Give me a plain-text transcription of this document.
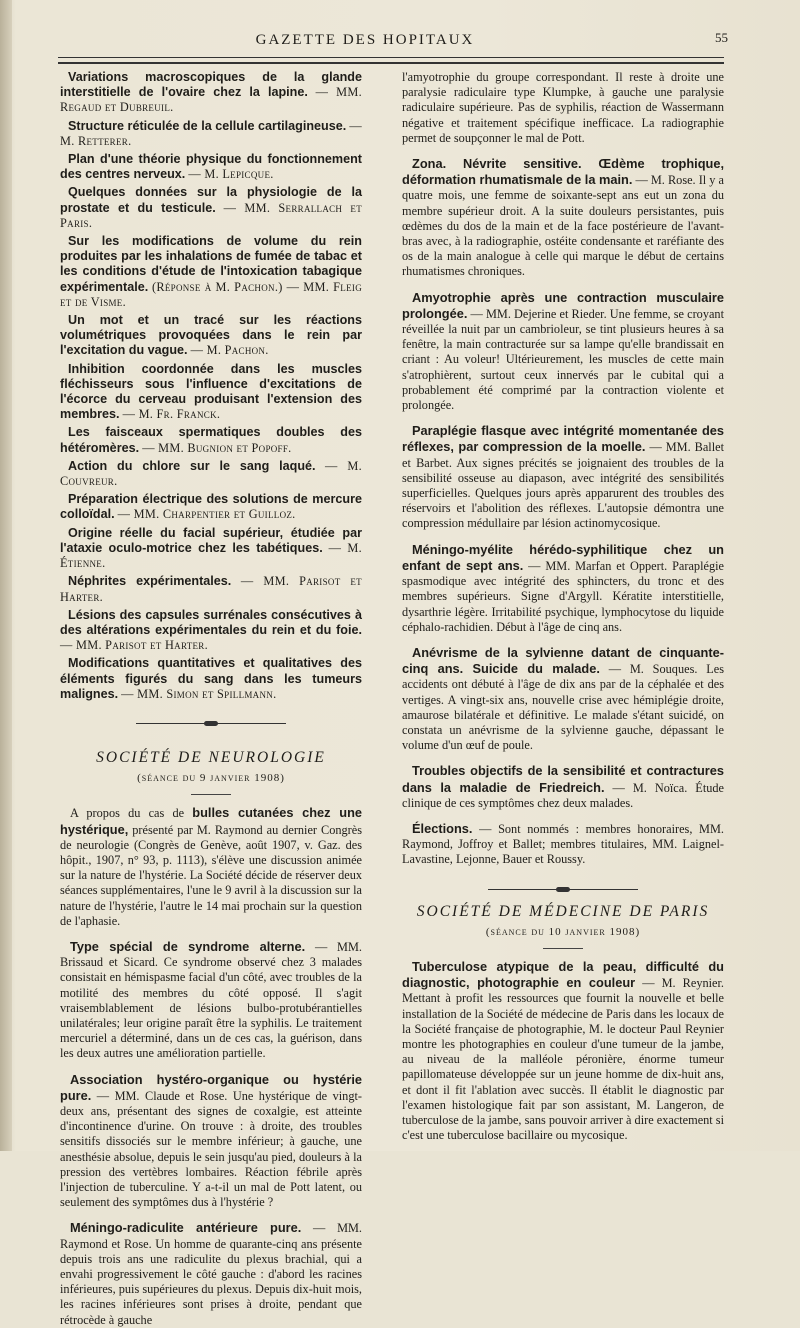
GAZETTE DES HOPITAUX	55

Variations macroscopiques de la glande interstitielle de l'ovaire chez la lapine. — MM. Regaud et Dubreuil.

Structure réticulée de la cellule cartilagineuse. — M. Retterer.

Plan d'une théorie physique du fonctionnement des centres nerveux. — M. Lepicque.

Quelques données sur la physiologie de la prostate et du testicule. — MM. Serrallach et Paris.

Sur les modifications de volume du rein produites par les inhalations de fumée de tabac et les conditions d'étude de l'intoxication tabagique expérimentale. (Réponse à M. Pachon.) — MM. Fleig et de Visme.

Un mot et un tracé sur les réactions volumétriques provoquées dans le rein par l'excitation du vague. — M. Pachon.

Inhibition coordonnée dans les muscles fléchisseurs sous l'influence d'excitations de l'écorce du cerveau produisant l'extension des membres. — M. Fr. Franck.

Les faisceaux spermatiques doubles des hétéromères. — MM. Bugnion et Popoff.

Action du chlore sur le sang laqué. — M. Couvreur.

Préparation électrique des solutions de mercure colloïdal. — MM. Charpentier et Guilloz.

Origine réelle du facial supérieur, étudiée par l'ataxie oculo-motrice chez les tabétiques. — M. Étienne.

Néphrites expérimentales. — MM. Parisot et Harter.

Lésions des capsules surrénales consécutives à des altérations expérimentales du rein et du foie. — MM. Parisot et Harter.

Modifications quantitatives et qualitatives des éléments figurés du sang dans les tumeurs malignes. — MM. Simon et Spillmann.

SOCIÉTÉ DE NEUROLOGIE
(séance du 9 janvier 1908)

A propos du cas de bulles cutanées chez une hystérique, présenté par M. Raymond au dernier Congrès de neurologie (Congrès de Genève, août 1907, v. Gaz. des hôpit., 1907, n° 93, p. 1113), s'élève une discussion animée sur la nature de l'hystérie. La Société décide de réserver deux séances supplémentaires, l'une le 9 avril à la discussion sur la nature de l'hystérie, l'autre le 14 mai prochain sur la question de l'aphasie.

Type spécial de syndrome alterne. — MM. Brissaud et Sicard. Ce syndrome observé chez 3 malades consistait en hémispasme facial d'un côté, avec troubles de la motilité des membres du côté opposé. Il s'agit vraisemblablement de lésions bulbo-protubérantielles unilatérales; leur origine paraît être la syphilis. Le traitement mercuriel a déterminé, dans un de ces cas, la guérison, dans les deux autres une amélioration partielle.

Association hystéro-organique ou hystérie pure. — MM. Claude et Rose. Une hystérique de vingt-deux ans, présentant des signes de coxalgie, est atteinte d'incontinence d'urine. On trouve : à droite, des troubles sensitifs dissociés sur le membre inférieur; à gauche, une anesthésie absolue, depuis le sein jusqu'au pied, douleurs à la pression des vertèbres lombaires. Réaction fébrile après l'injection de tuberculine. Y a-t-il un mal de Pott latent, ou seulement des symptômes dus à l'hystérie ?

Méningo-radiculite antérieure pure. — MM. Raymond et Rose. Un homme de quarante-cinq ans présente depuis trois ans une radiculite du plexus brachial, qui a envahi progressivement le côté gauche : d'abord les racines inférieures, puis supérieures du plexus. Depuis dix-huit mois, les racines inférieures sont prises à droite, pendant que rétrocède à gauche

l'amyotrophie du groupe correspondant. Il reste à droite une paralysie radiculaire type Klumpke, à gauche une paralysie radiculaire supérieure. Pas de syphilis, réaction de Wassermann négative et traitement spécifique inefficace. La radiographie permet de soupçonner le mal de Pott.

Zona. Névrite sensitive. Œdème trophique, déformation rhumatismale de la main. — M. Rose. Il y a quatre mois, une femme de soixante-sept ans eut un zona du membre supérieur droit. A la suite douleurs persistantes, puis œdèmes du dos de la main et de la face postérieure de l'avant-bras avec, à la radiographie, ostéite condensante et raréfiante des os de la main analogue à celle qui marque le début de certains rhumatismes chroniques.

Amyotrophie après une contraction musculaire prolongée. — MM. Dejerine et Rieder. Une femme, se croyant réveillée la nuit par un cambrioleur, se tint plusieurs heures à sa fenêtre, la main contracturée sur sa lampe qu'elle brandissait en criant : Au voleur! Ultérieurement, les muscles de cette main s'atrophièrent, surtout ceux innervés par le cubital qui a probablement été comprimé par la contraction violente et prolongée.

Paraplégie flasque avec intégrité momentanée des réflexes, par compression de la moelle. — MM. Ballet et Barbet. Aux signes précités se joignaient des troubles de la sensibilité osseuse au diapason, avec intégrité des sensibilités superficielles. Quelques jours après apparurent des troubles des réservoirs et l'abolition des réflexes. L'autopsie démontra une compression médullaire par lésion actinomycosique.

Méningo-myélite hérédo-syphilitique chez un enfant de sept ans. — MM. Marfan et Oppert. Paraplégie spasmodique avec intégrité des sphincters, du tronc et des membres supérieurs. Signe d'Argyll. Kératite interstitielle, dysarthrie légère. Irritabilité psychique, lymphocytose du liquide céphalo-rachidien. Début à l'âge de cinq ans.

Anévrisme de la sylvienne datant de cinquante-cinq ans. Suicide du malade. — M. Souques. Les accidents ont débuté à l'âge de dix ans par de la céphalée et des vertiges. A vingt-six ans, nouvelle crise avec hémiplégie droite, amaurose bilatérale et définitive. Le malade s'étant suicidé, on constata un anévrisme de la sylvienne gauche, dépassant le volume d'un œuf de poule.

Troubles objectifs de la sensibilité et contractures dans la maladie de Friedreich. — M. Noïca. Étude clinique de ces symptômes chez deux malades.

Élections. — Sont nommés : membres honoraires, MM. Raymond, Joffroy et Ballet; membres titulaires, MM. Laignel-Lavastine, Lejonne, Bauer et Roussy.

SOCIÉTÉ DE MÉDECINE DE PARIS
(séance du 10 janvier 1908)

Tuberculose atypique de la peau, difficulté du diagnostic, photographie en couleur — M. Reynier. Mettant à profit les ressources que fournit la nouvelle et belle installation de la Société de médecine de Paris dans les locaux de la Société française de photographie, M. le docteur Paul Reynier montre les photographies en couleur d'une tumeur de la jambe, au niveau de la malléole péronière, énorme tumeur papillomateuse développée sur un jeune homme de dix-huit ans, et dont il fit l'ablation avec succès. Il établit le diagnostic par l'examen histologique fait par son assistant, M. Langeron, de tuberculose de la jambe, sans pouvoir arriver à dire exactement si c'est une tuberculose bacillaire ou mycosique.
